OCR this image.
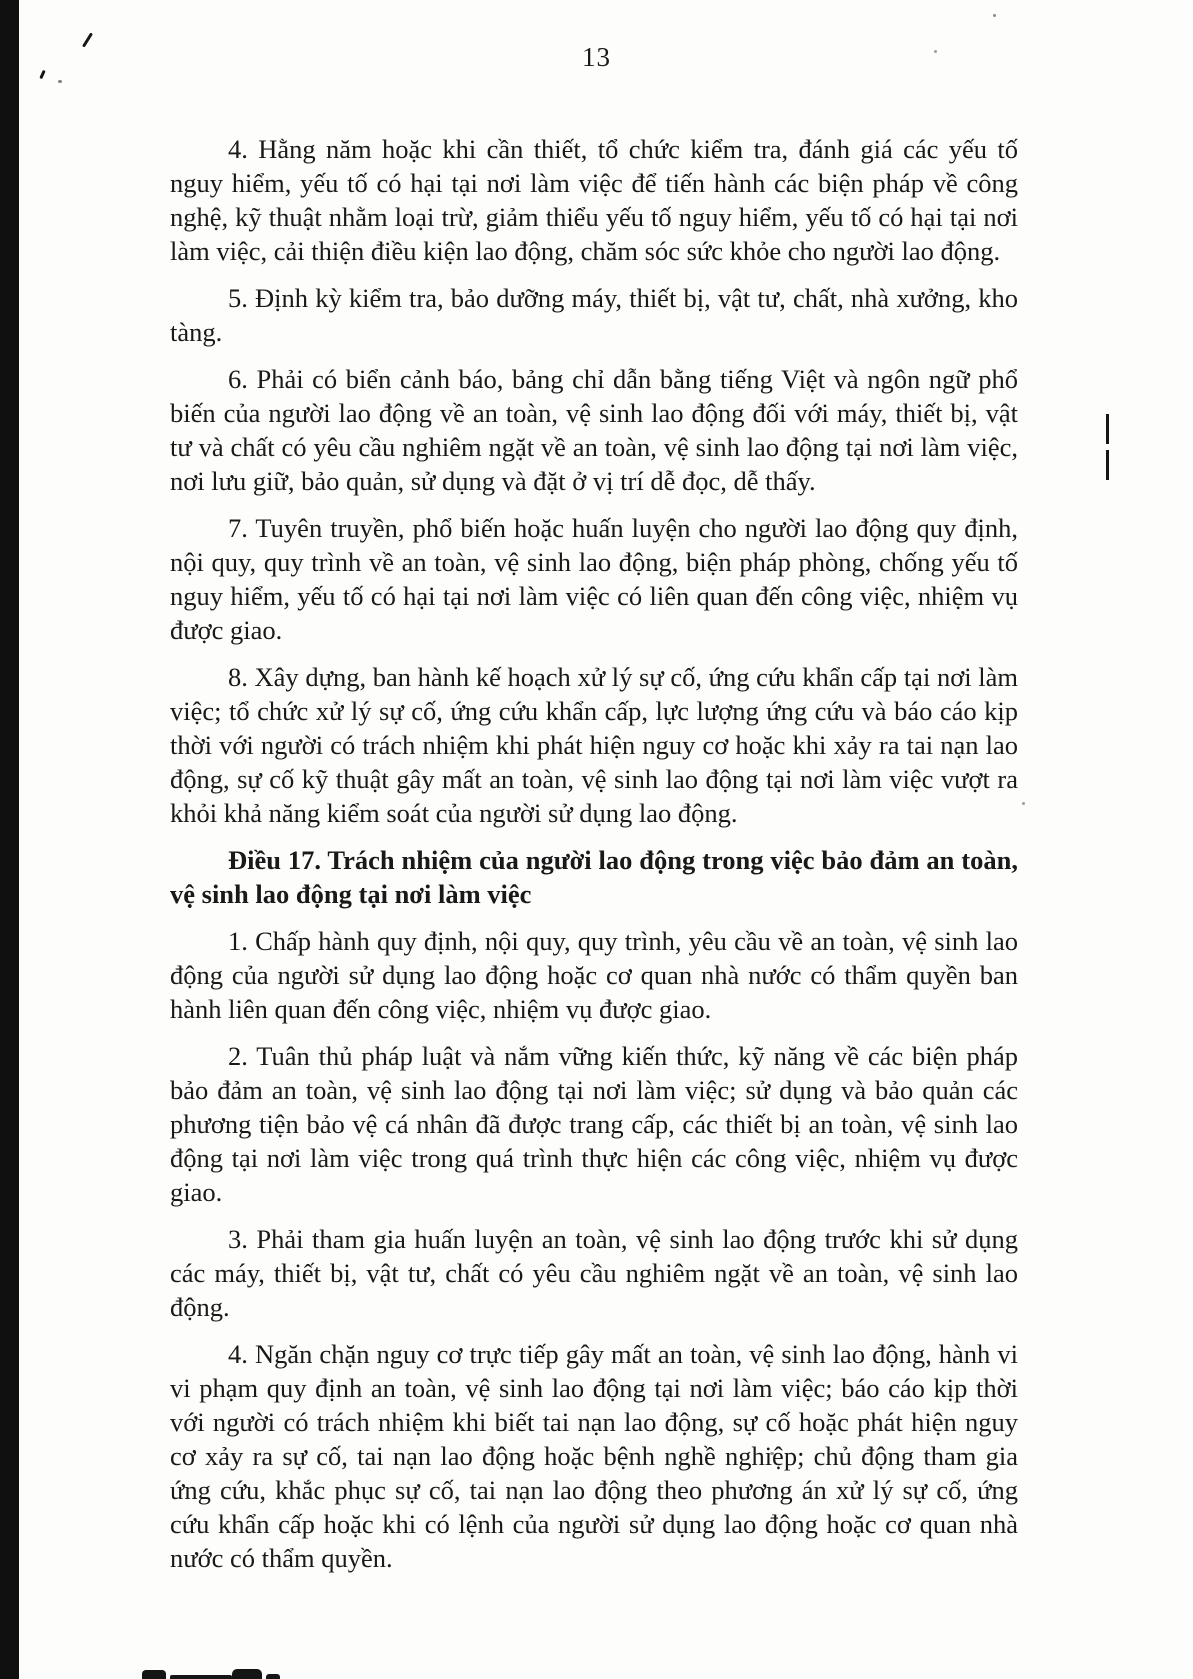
13

4. Hằng năm hoặc khi cần thiết, tổ chức kiểm tra, đánh giá các yếu tố nguy hiểm, yếu tố có hại tại nơi làm việc để tiến hành các biện pháp về công nghệ, kỹ thuật nhằm loại trừ, giảm thiểu yếu tố nguy hiểm, yếu tố có hại tại nơi làm việc, cải thiện điều kiện lao động, chăm sóc sức khỏe cho người lao động.

5. Định kỳ kiểm tra, bảo dưỡng máy, thiết bị, vật tư, chất, nhà xưởng, kho tàng.

6. Phải có biển cảnh báo, bảng chỉ dẫn bằng tiếng Việt và ngôn ngữ phổ biến của người lao động về an toàn, vệ sinh lao động đối với máy, thiết bị, vật tư và chất có yêu cầu nghiêm ngặt về an toàn, vệ sinh lao động tại nơi làm việc, nơi lưu giữ, bảo quản, sử dụng và đặt ở vị trí dễ đọc, dễ thấy.

7. Tuyên truyền, phổ biến hoặc huấn luyện cho người lao động quy định, nội quy, quy trình về an toàn, vệ sinh lao động, biện pháp phòng, chống yếu tố nguy hiểm, yếu tố có hại tại nơi làm việc có liên quan đến công việc, nhiệm vụ được giao.

8. Xây dựng, ban hành kế hoạch xử lý sự cố, ứng cứu khẩn cấp tại nơi làm việc; tổ chức xử lý sự cố, ứng cứu khẩn cấp, lực lượng ứng cứu và báo cáo kịp thời với người có trách nhiệm khi phát hiện nguy cơ hoặc khi xảy ra tai nạn lao động, sự cố kỹ thuật gây mất an toàn, vệ sinh lao động tại nơi làm việc vượt ra khỏi khả năng kiểm soát của người sử dụng lao động.

Điều 17. Trách nhiệm của người lao động trong việc bảo đảm an toàn, vệ sinh lao động tại nơi làm việc

1. Chấp hành quy định, nội quy, quy trình, yêu cầu về an toàn, vệ sinh lao động của người sử dụng lao động hoặc cơ quan nhà nước có thẩm quyền ban hành liên quan đến công việc, nhiệm vụ được giao.

2. Tuân thủ pháp luật và nắm vững kiến thức, kỹ năng về các biện pháp bảo đảm an toàn, vệ sinh lao động tại nơi làm việc; sử dụng và bảo quản các phương tiện bảo vệ cá nhân đã được trang cấp, các thiết bị an toàn, vệ sinh lao động tại nơi làm việc trong quá trình thực hiện các công việc, nhiệm vụ được giao.

3. Phải tham gia huấn luyện an toàn, vệ sinh lao động trước khi sử dụng các máy, thiết bị, vật tư, chất có yêu cầu nghiêm ngặt về an toàn, vệ sinh lao động.

4. Ngăn chặn nguy cơ trực tiếp gây mất an toàn, vệ sinh lao động, hành vi vi phạm quy định an toàn, vệ sinh lao động tại nơi làm việc; báo cáo kịp thời với người có trách nhiệm khi biết tai nạn lao động, sự cố hoặc phát hiện nguy cơ xảy ra sự cố, tai nạn lao động hoặc bệnh nghề nghiệp; chủ động tham gia ứng cứu, khắc phục sự cố, tai nạn lao động theo phương án xử lý sự cố, ứng cứu khẩn cấp hoặc khi có lệnh của người sử dụng lao động hoặc cơ quan nhà nước có thẩm quyền.
